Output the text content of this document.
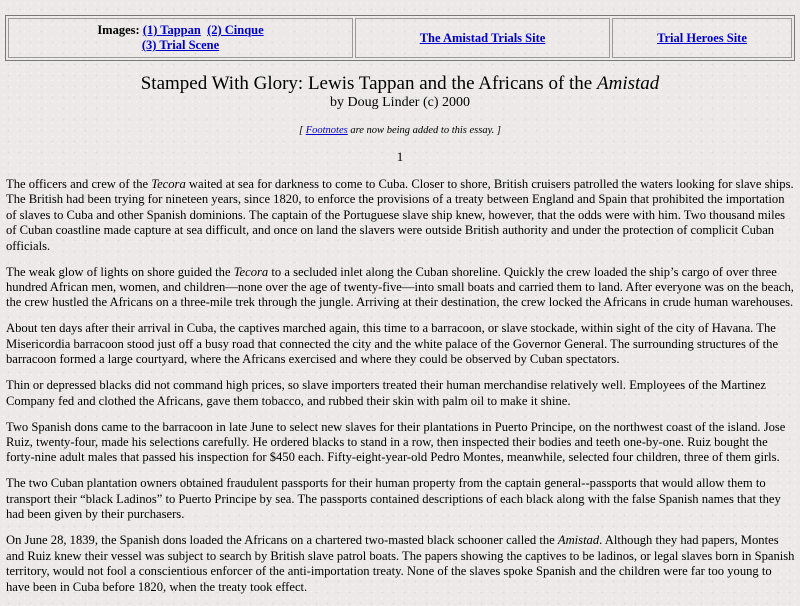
Images: (1) Tappan (2) Cinque
(3) Trial Scene
The Amistad Trials Site	Trial Heroes Site
Stamped With Glory: Lewis Tappan and the Africans of the Amistad
by Doug Linder (c) 2000
[ Footnotes are now being added to this essay. ]
1

The officers and crew of the Tecora waited at sea for darkness to come to Cuba. Closer to shore, British cruisers patrolled the waters looking for slave ships. The British had been trying for nineteen years, since 1820, to enforce the provisions of a treaty between England and Spain that prohibited the importation of slaves to Cuba and other Spanish dominions. The captain of the Portuguese slave ship knew, however, that the odds were with him. Two thousand miles of Cuban coastline made capture at sea difficult, and once on land the slavers were outside British authority and under the protection of complicit Cuban officials.

The weak glow of lights on shore guided the Tecora to a secluded inlet along the Cuban shoreline. Quickly the crew loaded the ship’s cargo of over three hundred African men, women, and children—none over the age of twenty-five—into small boats and carried them to land. After everyone was on the beach, the crew hustled the Africans on a three-mile trek through the jungle. Arriving at their destination, the crew locked the Africans in crude human warehouses.

About ten days after their arrival in Cuba, the captives marched again, this time to a barracoon, or slave stockade, within sight of the city of Havana. The Misericordia barracoon stood just off a busy road that connected the city and the white palace of the Governor General. The surrounding structures of the barracoon formed a large courtyard, where the Africans exercised and where they could be observed by Cuban spectators.

Thin or depressed blacks did not command high prices, so slave importers treated their human merchandise relatively well. Employees of the Martinez Company fed and clothed the Africans, gave them tobacco, and rubbed their skin with palm oil to make it shine.

Two Spanish dons came to the barracoon in late June to select new slaves for their plantations in Puerto Principe, on the northwest coast of the island. Jose Ruiz, twenty-four, made his selections carefully. He ordered blacks to stand in a row, then inspected their bodies and teeth one-by-one. Ruiz bought the forty-nine adult males that passed his inspection for $450 each. Fifty-eight-year-old Pedro Montes, meanwhile, selected four children, three of them girls.

The two Cuban plantation owners obtained fraudulent passports for their human property from the captain general--passports that would allow them to transport their “black Ladinos” to Puerto Principe by sea. The passports contained descriptions of each black along with the false Spanish names that they had been given by their purchasers.

On June 28, 1839, the Spanish dons loaded the Africans on a chartered two-masted black schooner called the Amistad. Although they had papers, Montes and Ruiz knew their vessel was subject to search by British slave patrol boats. The papers showing the captives to be ladinos, or legal slaves born in Spanish territory, would not fool a conscientious enforcer of the anti-importation treaty. None of the slaves spoke Spanish and the children were far too young to have been in Cuba before 1820, when the treaty took effect.
